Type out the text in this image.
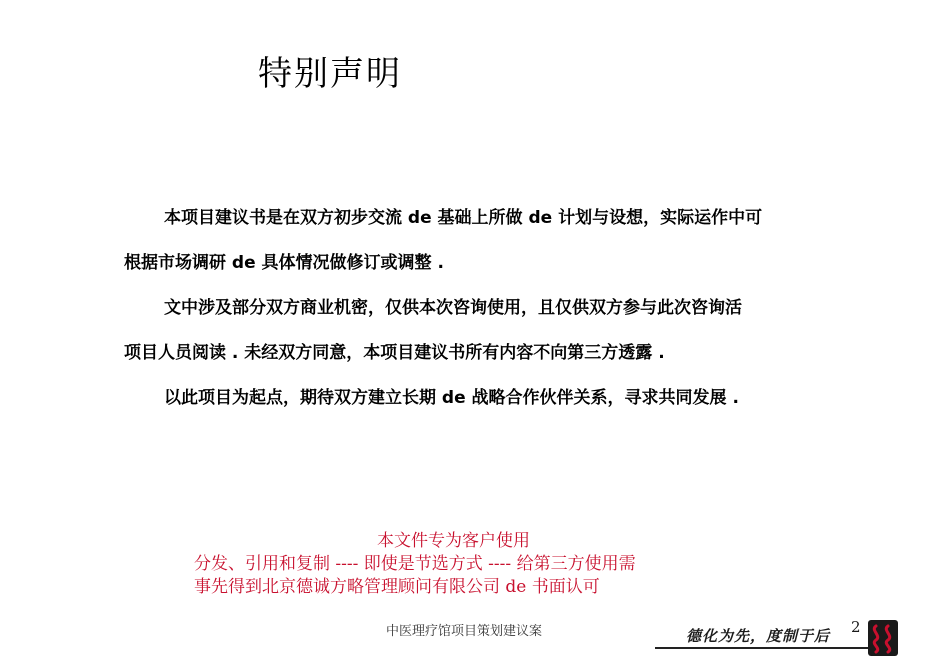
特别声明
本项目建议书是在双方初步交流 de 基础上所做 de 计划与设想，实际运作中可
根据市场调研 de 具体情况做修订或调整 .
文中涉及部分双方商业机密，仅供本次咨询使用，且仅供双方参与此次咨询活
项目人员阅读 . 未经双方同意，本项目建议书所有内容不向第三方透露 .
以此项目为起点，期待双方建立长期 de 战略合作伙伴关系，寻求共同发展 .
本文件专为客户使用
分发、引用和复制 ---- 即使是节选方式 ---- 给第三方使用需
事先得到北京德诚方略管理顾问有限公司 de 书面认可
中医理疗馆项目策划建议案	德化为先，度制于后 2
